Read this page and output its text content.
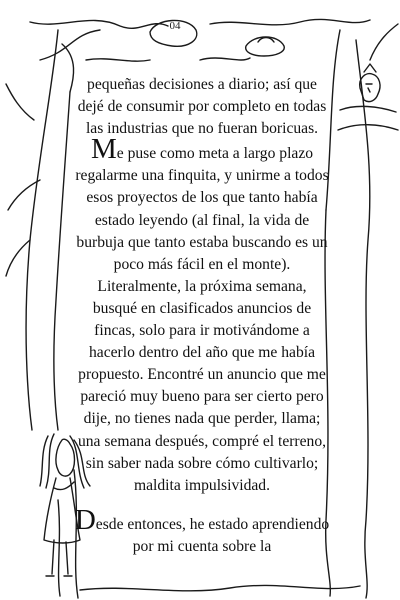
04

pequeñas decisiones a diario; así que dejé de consumir por completo en todas las industrias que no fueran boricuas.

Me puse como meta a largo plazo regalarme una finquita, y unirme a todos esos proyectos de los que tanto había estado leyendo (al final, la vida de burbuja que tanto estaba buscando es un poco más fácil en el monte). Literalmente, la próxima semana, busqué en clasificados anuncios de fincas, solo para ir motivándome a hacerlo dentro del año que me había propuesto. Encontré un anuncio que me pareció muy bueno para ser cierto pero dije, no tienes nada que perder, llama; una semana después, compré el terreno, sin saber nada sobre cómo cultivarlo; maldita impulsividad.

Desde entonces, he estado aprendiendo por mi cuenta sobre la
